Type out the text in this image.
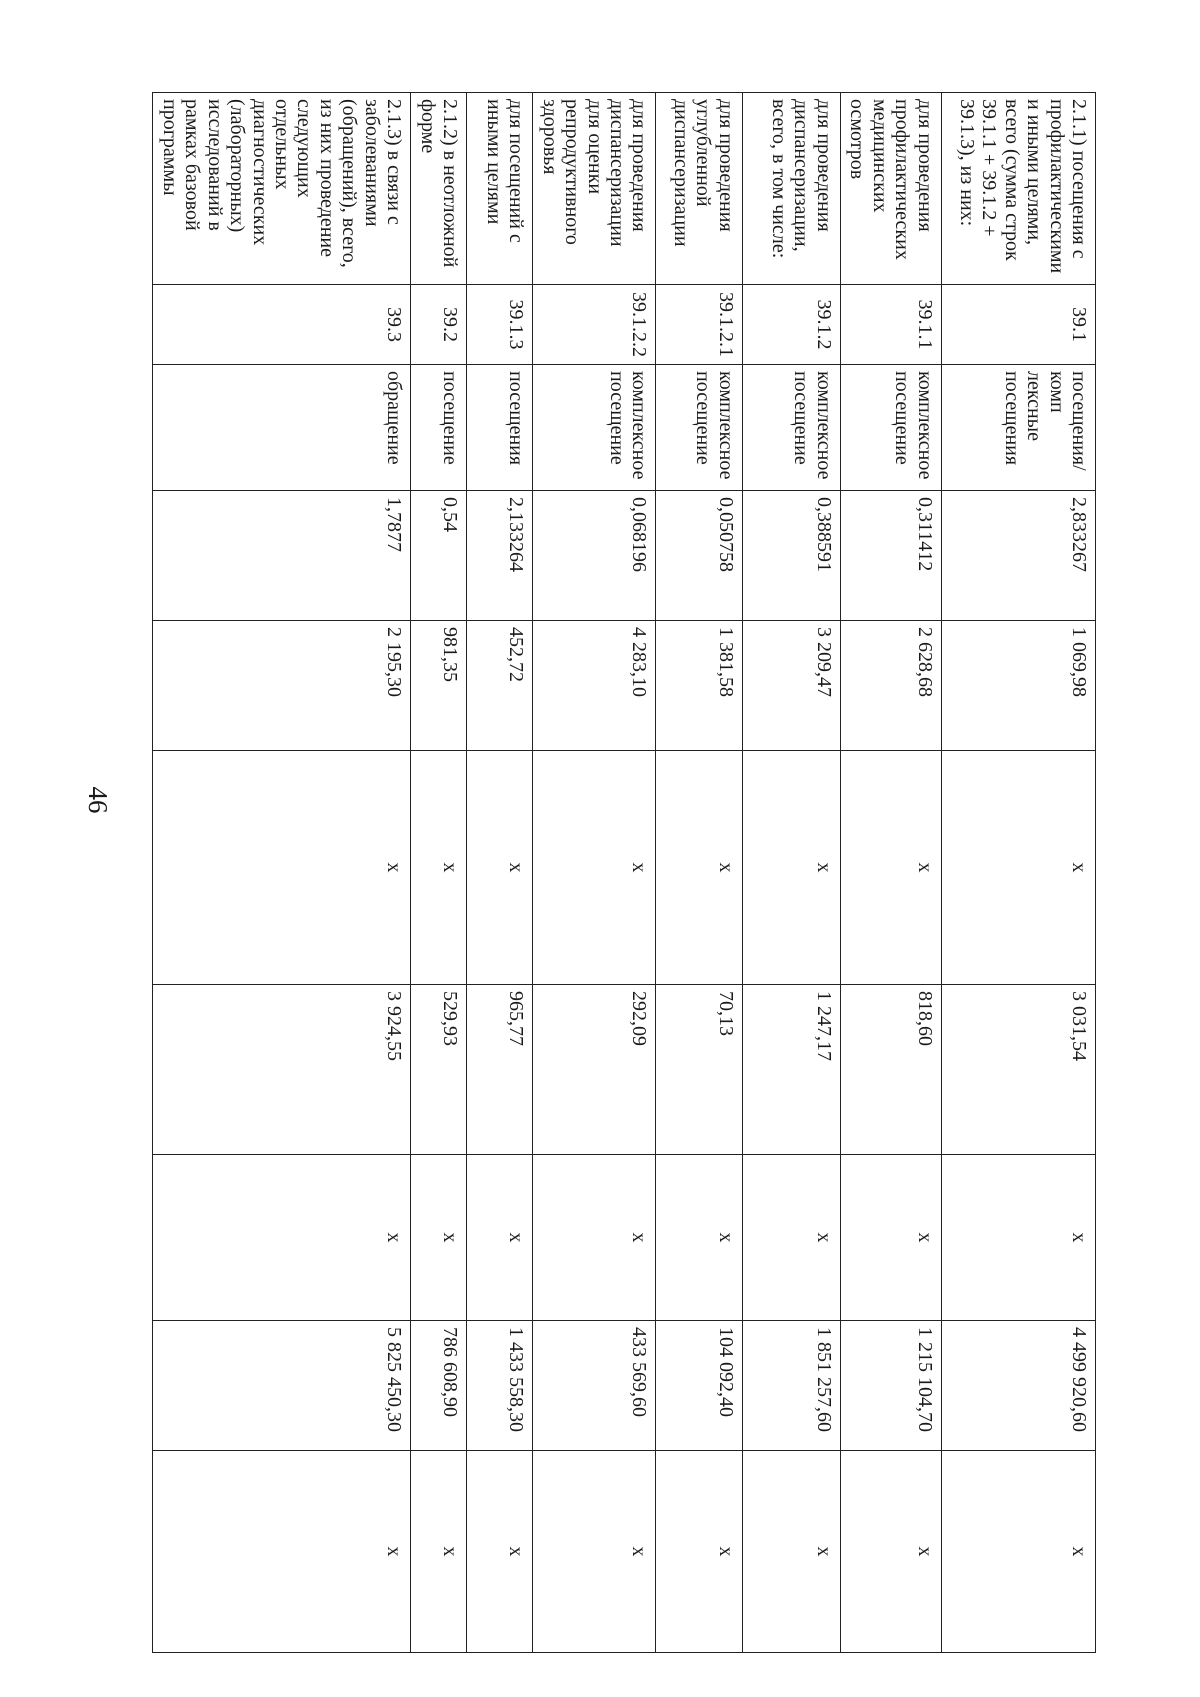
46
2.1.1) посещения с профилактическими и иными целями, всего (сумма строк 39.1.1 + 39.1.2 + 39.1.3), из них:	39.1	посещения/комп лексные посещения	2,833267	1 069,98	x	3 031,54	x	4 499 920,60	x
для проведения профилактических медицинских осмотров	39.1.1	комплексное посещение	0,311412	2 628,68	x	818,60	x	1 215 104,70	x
для проведения диспансеризации, всего, в том числе:	39.1.2	комплексное посещение	0,388591	3 209,47	x	1 247,17	x	1 851 257,60	x
для проведения углубленной диспансеризации	39.1.2.1	комплексное посещение	0,050758	1 381,58	x	70,13	x	104 092,40	x
для проведения диспансеризации для оценки репродуктивного здоровья	39.1.2.2	комплексное посещение	0,068196	4 283,10	x	292,09	x	433 569,60	x
для посещений с иными целями	39.1.3	посещения	2,133264	452,72	x	965,77	x	1 433 558,30	x
2.1.2) в неотложной форме	39.2	посещение	0,54	981,35	x	529,93	x	786 608,90	x
2.1.3) в связи с заболеваниями (обращений), всего, из них проведение следующих отдельных диагностических (лабораторных) исследований в рамках базовой программы	39.3	обращение	1,7877	2 195,30	x	3 924,55	x	5 825 450,30	x
